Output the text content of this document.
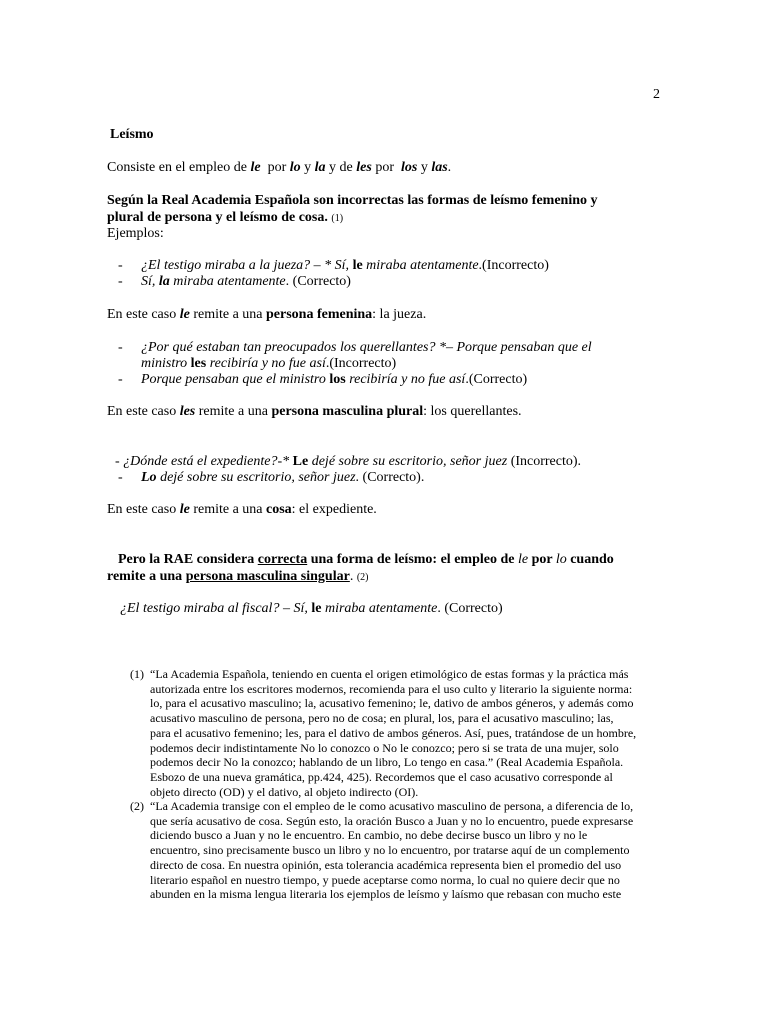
2
Leísmo
Consiste en el empleo de le por lo y la y de les por los y las.
Según la Real Academia Española son incorrectas las formas de leísmo femenino y
plural de persona y el leísmo de cosa. (1)
Ejemplos:
- ¿El testigo miraba a la jueza? – * Sí, le miraba atentamente.(Incorrecto)
- Sí, la miraba atentamente. (Correcto)
En este caso le remite a una persona femenina: la jueza.
- ¿Por qué estaban tan preocupados los querellantes? *– Porque pensaban que el
ministro les recibiría y no fue así.(Incorrecto)
- Porque pensaban que el ministro los recibiría y no fue así.(Correcto)
En este caso les remite a una persona masculina plural: los querellantes.
- ¿Dónde está el expediente?-* Le dejé sobre su escritorio, señor juez (Incorrecto).
- Lo dejé sobre su escritorio, señor juez. (Correcto).
En este caso le remite a una cosa: el expediente.
Pero la RAE considera correcta una forma de leísmo: el empleo de le por lo cuando
remite a una persona masculina singular. (2)
¿El testigo miraba al fiscal? – Sí, le miraba atentamente. (Correcto)
(1) “La Academia Española, teniendo en cuenta el origen etimológico de estas formas y la práctica más
autorizada entre los escritores modernos, recomienda para el uso culto y literario la siguiente norma:
lo, para el acusativo masculino; la, acusativo femenino; le, dativo de ambos géneros, y además como
acusativo masculino de persona, pero no de cosa; en plural, los, para el acusativo masculino; las,
para el acusativo femenino; les, para el dativo de ambos géneros. Así, pues, tratándose de un hombre,
podemos decir indistintamente No lo conozco o No le conozco; pero si se trata de una mujer, solo
podemos decir No la conozco; hablando de un libro, Lo tengo en casa.” (Real Academia Española.
Esbozo de una nueva gramática, pp.424, 425). Recordemos que el caso acusativo corresponde al
objeto directo (OD) y el dativo, al objeto indirecto (OI).
(2) “La Academia transige con el empleo de le como acusativo masculino de persona, a diferencia de lo,
que sería acusativo de cosa. Según esto, la oración Busco a Juan y no lo encuentro, puede expresarse
diciendo busco a Juan y no le encuentro. En cambio, no debe decirse busco un libro y no le
encuentro, sino precisamente busco un libro y no lo encuentro, por tratarse aquí de un complemento
directo de cosa. En nuestra opinión, esta tolerancia académica representa bien el promedio del uso
literario español en nuestro tiempo, y puede aceptarse como norma, lo cual no quiere decir que no
abunden en la misma lengua literaria los ejemplos de leísmo y laísmo que rebasan con mucho este
